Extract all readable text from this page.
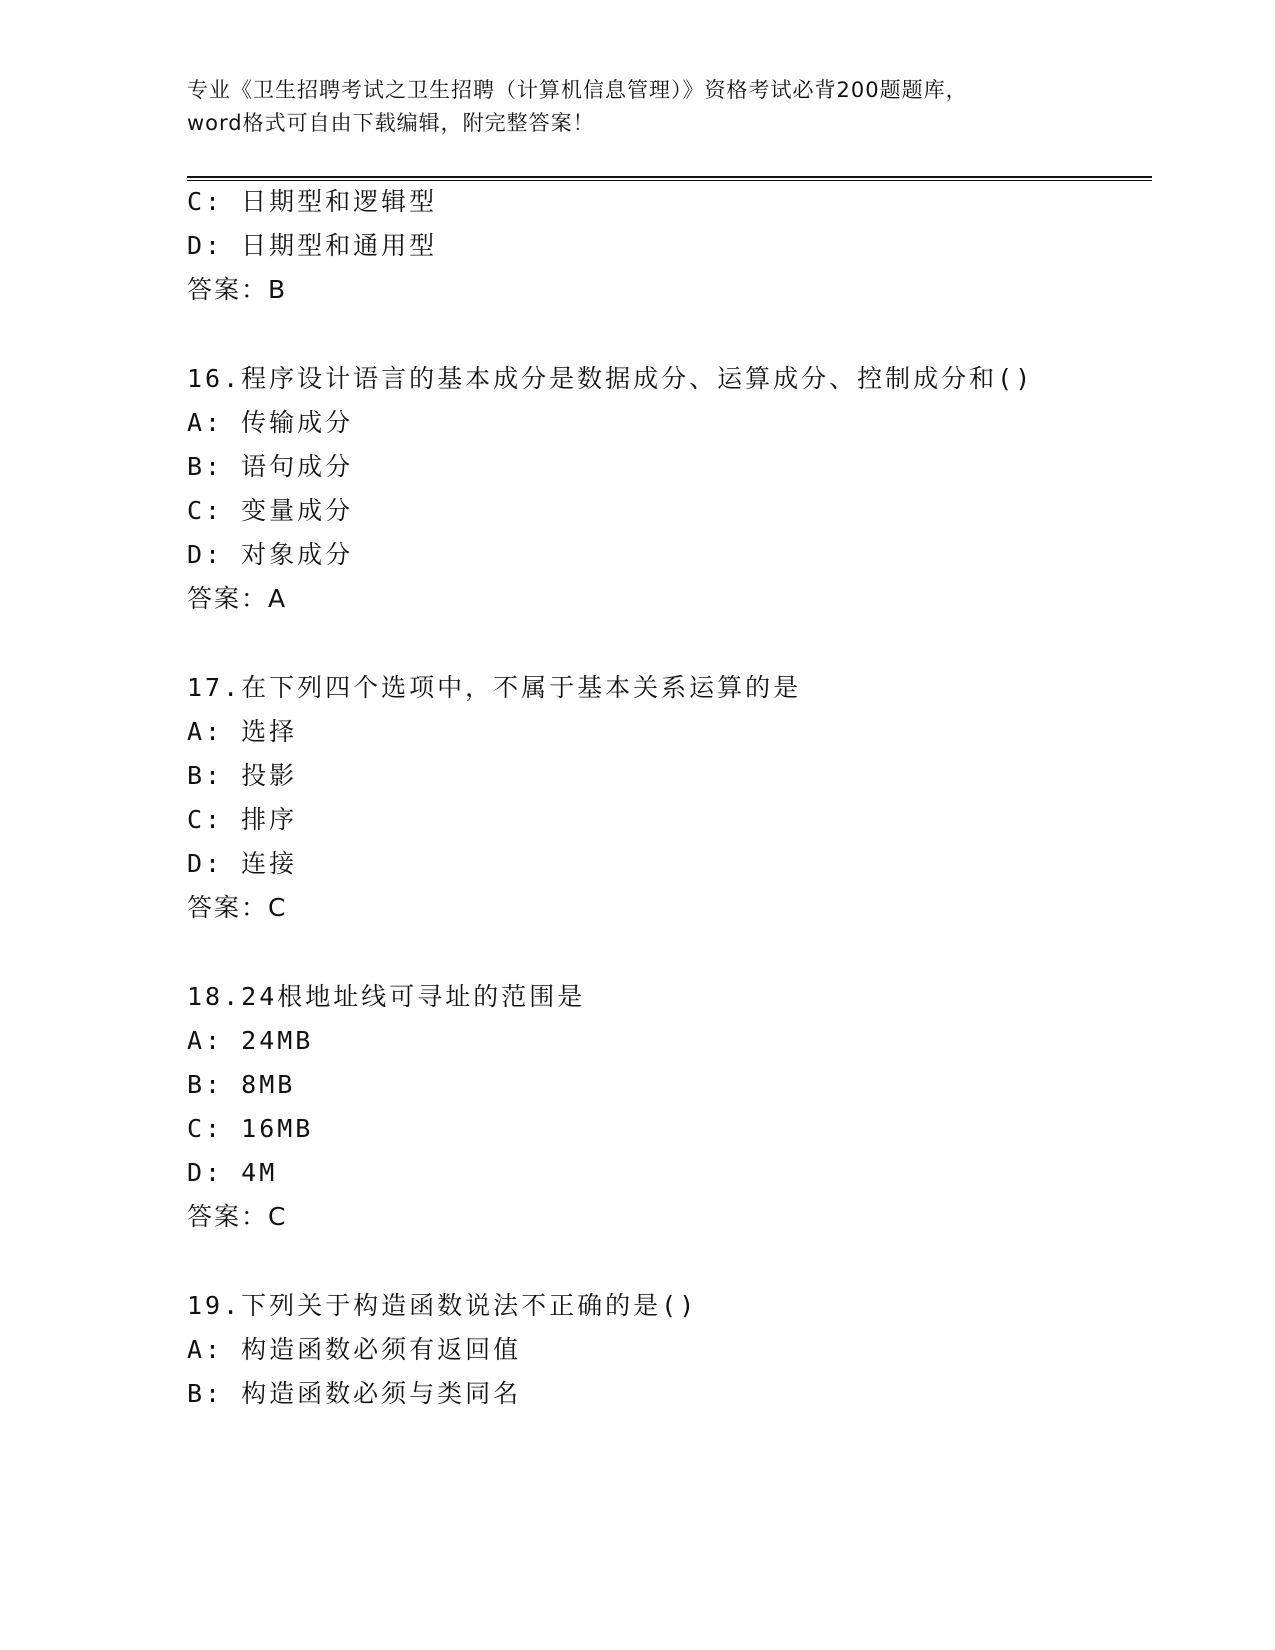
专业《卫生招聘考试之卫生招聘（计算机信息管理）》资格考试必背200题题库，
word格式可自由下载编辑，附完整答案！
C: 日期型和逻辑型
D: 日期型和通用型
答案：B
16.程序设计语言的基本成分是数据成分、运算成分、控制成分和()
A: 传输成分
B: 语句成分
C: 变量成分
D: 对象成分
答案：A
17.在下列四个选项中，不属于基本关系运算的是
A: 选择
B: 投影
C: 排序
D: 连接
答案：C
18.24根地址线可寻址的范围是
A: 24MB
B: 8MB
C: 16MB
D: 4M
答案：C
19.下列关于构造函数说法不正确的是()
A: 构造函数必须有返回值
B: 构造函数必须与类同名
